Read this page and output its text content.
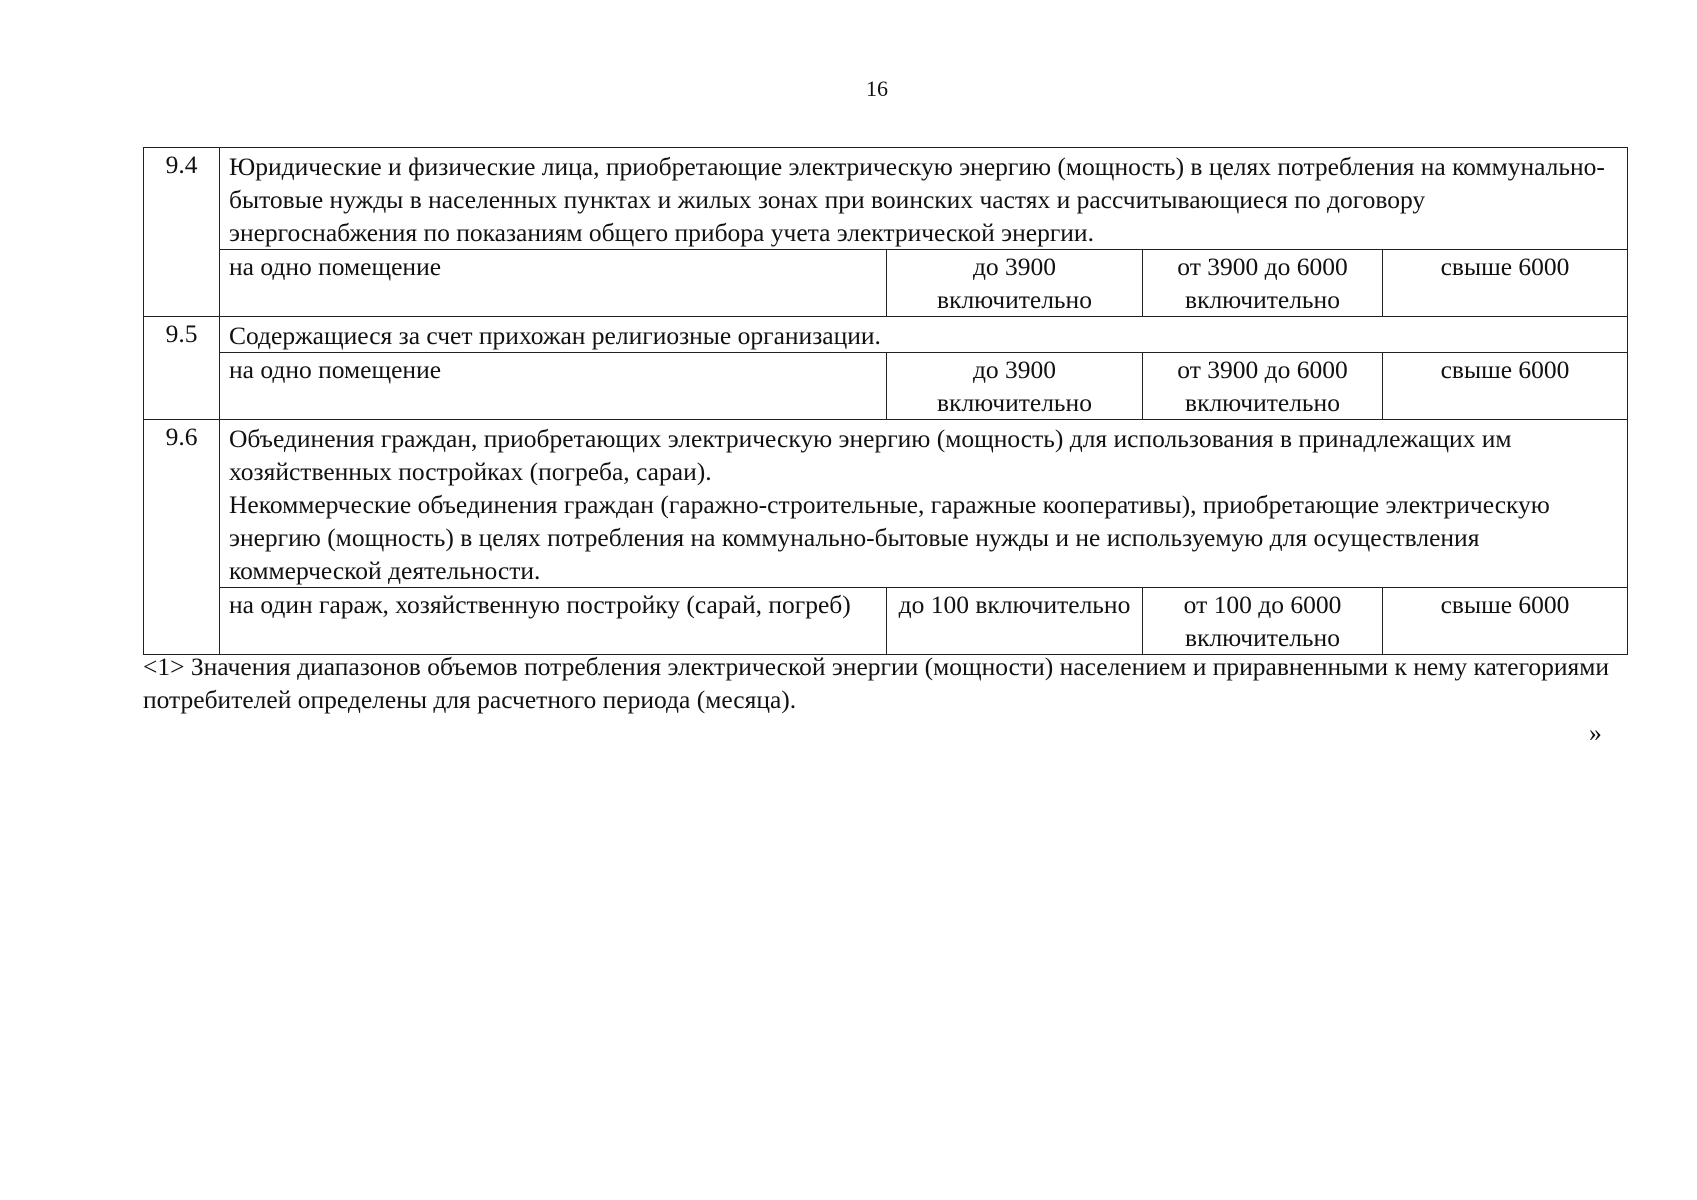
16
9.4	Юридические и физические лица, приобретающие электрическую энергию (мощность) в целях потребления на коммунально-бытовые нужды в населенных пунктах и жилых зонах при воинских частях и рассчитывающиеся по договору энергоснабжения по показаниям общего прибора учета электрической энергии.			

	на одно помещение	до 3900 включительно	от 3900 до 6000 включительно	свыше 6000
9.5	Содержащиеся за счет прихожан религиозные организации.			

	на одно помещение	до 3900 включительно	от 3900 до 6000 включительно	свыше 6000
9.6	Объединения граждан, приобретающих электрическую энергию (мощность) для использования в принадлежащих им хозяйственных постройках (погреба, сараи).
Некоммерческие объединения граждан (гаражно-строительные, гаражные кооперативы), приобретающие электрическую энергию (мощность) в целях потребления на коммунально-бытовые нужды и не используемую для осуществления коммерческой деятельности.			

	на один гараж, хозяйственную постройку (сарай, погреб)	до 100 включительно	от 100 до 6000 включительно	свыше 6000
<1> Значения диапазонов объемов потребления электрической энергии (мощности) населением и приравненными к нему категориями потребителей определены для расчетного периода (месяца).
»
